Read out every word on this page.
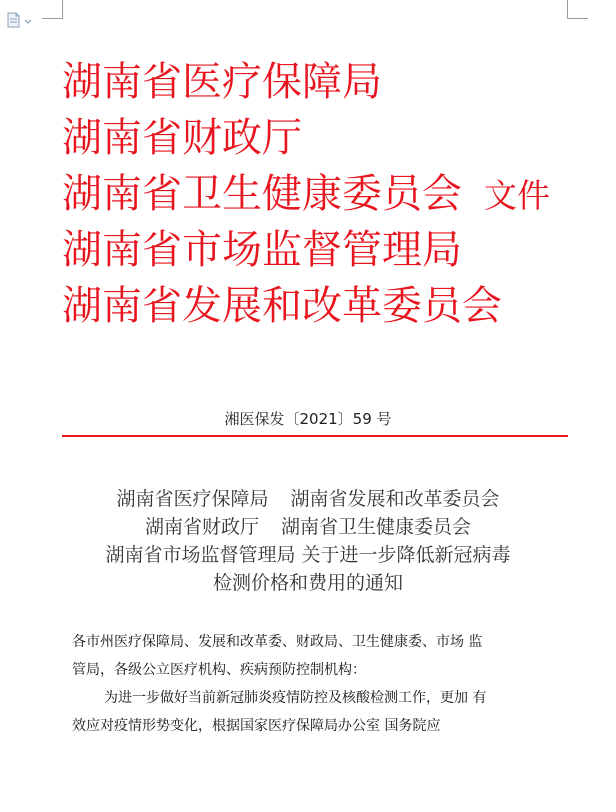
湖南省医疗保障局
湖南省财政厅
湖南省卫生健康委员会 文件
湖南省市场监督管理局
湖南省发展和改革委员会
湘医保发〔2021〕59 号
湖南省医疗保障局 湖南省发展和改革委员会
湖南省财政厅 湖南省卫生健康委员会
湖南省市场监督管理局 关于进一步降低新冠病毒
检测价格和费用的通知

各市州医疗保障局、发展和改革委、财政局、卫生健康委、市场 监

管局，各级公立医疗机构、疾病预防控制机构：

为进一步做好当前新冠肺炎疫情防控及核酸检测工作，更加 有

效应对疫情形势变化，根据国家医疗保障局办公室 国务院应
